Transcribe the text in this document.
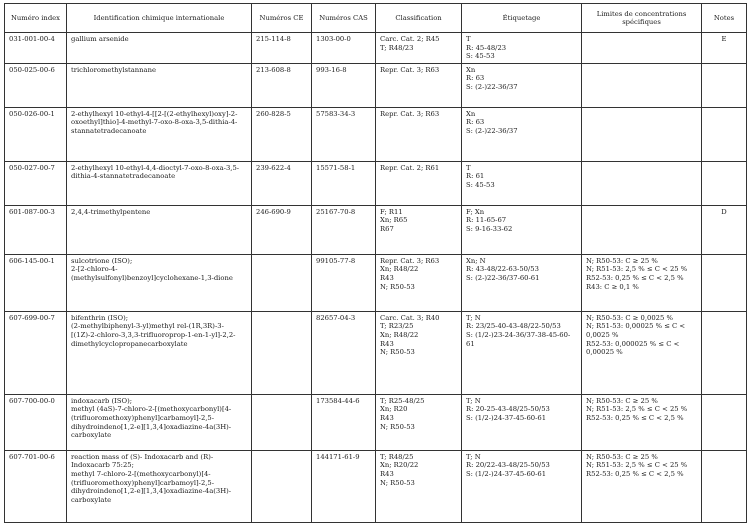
Numéro index	Identification chimique internationale	Numéros CE	Numéros CAS	Classification	Étiquetage	Limites de concentrations spécifiques	Notes
031-001-00-4	gallium arsenide	215-114-8	1303-00-0	Carc. Cat. 2; R45
T; R48/23	T
R: 45-48/23
S: 45-53		E
050-025-00-6	trichloromethylstannane	213-608-8	993-16-8	Repr. Cat. 3; R63	Xn
R: 63
S: (2-)22-36/37		

050-026-00-1	2-ethylhexyl 10-ethyl-4-[[2-[(2-ethylhexyl)oxy]-2-oxoethyl]thio]-4-methyl-7-oxo-8-oxa-3,5-dithia-4-stannatetradecanoate	260-828-5	57583-34-3	Repr. Cat. 3; R63	Xn
R: 63
S: (2-)22-36/37		

050-027-00-7	2-ethylhexyl 10-ethyl-4,4-dioctyl-7-oxo-8-oxa-3,5-dithia-4-stannatetradecanoate	239-622-4	15571-58-1	Repr. Cat. 2; R61	T
R: 61
S: 45-53		

601-087-00-3	2,4,4-trimethylpentene	246-690-9	25167-70-8	F; R11
Xn; R65
R67	F; Xn
R: 11-65-67
S: 9-16-33-62		D
606-145-00-1	sulcotrione (ISO);
2-[2-chloro-4-(methylsulfonyl)benzoyl]cyclohexane-1,3-dione		99105-77-8	Repr. Cat. 3; R63
Xn; R48/22
R43
N; R50-53	Xn; N
R: 43-48/22-63-50/53
S: (2-)22-36/37-60-61	N; R50-53: C ≥ 25 %
N; R51-53: 2,5 % ≤ C < 25 %
R52-53: 0,25 % ≤ C < 2,5 %
R43: C ≥ 0,1 %	

607-699-00-7	bifenthrin (ISO);
(2-methylbiphenyl-3-yl)methyl rel-(1R,3R)-3-[(1Z)-2-chloro-3,3,3-trifluoroprop-1-en-1-yl]-2,2-dimethylcyclopropanecarboxylate		82657-04-3	Carc. Cat. 3; R40
T; R23/25
Xn; R48/22
R43
N; R50-53	T; N
R: 23/25-40-43-48/22-50/53
S: (1/2-)23-24-36/37-38-45-60-61	N; R50-53: C ≥ 0,0025 %
N; R51-53: 0,00025 % ≤ C < 0,0025 %
R52-53: 0,000025 % ≤ C < 0,00025 %	

607-700-00-0	indoxacarb (ISO);
methyl (4aS)-7-chloro-2-[(methoxycarbonyl)[4-(trifluoromethoxy)phenyl]carbamoyl]-2,5-dihydroindeno[1,2-e][1,3,4]oxadiazine-4a(3H)-carboxylate		173584-44-6	T; R25-48/25
Xn; R20
R43
N; R50-53	T; N
R: 20-25-43-48/25-50/53
S: (1/2-)24-37-45-60-61	N; R50-53: C ≥ 25 %
N; R51-53: 2,5 % ≤ C < 25 %
R52-53: 0,25 % ≤ C < 2,5 %	

607-701-00-6	reaction mass of (S)- Indoxacarb and (R)- Indoxacarb 75:25;
methyl 7-chloro-2-[(methoxycarbonyl)[4-(trifluoromethoxy)phenyl]carbamoyl]-2,5-dihydroindeno[1,2-e][1,3,4]oxadiazine-4a(3H)-carboxylate		144171-61-9	T; R48/25
Xn; R20/22
R43
N; R50-53	T; N
R: 20/22-43-48/25-50/53
S: (1/2-)24-37-45-60-61	N; R50-53: C ≥ 25 %
N; R51-53: 2,5 % ≤ C < 25 %
R52-53: 0,25 % ≤ C < 2,5 %	
